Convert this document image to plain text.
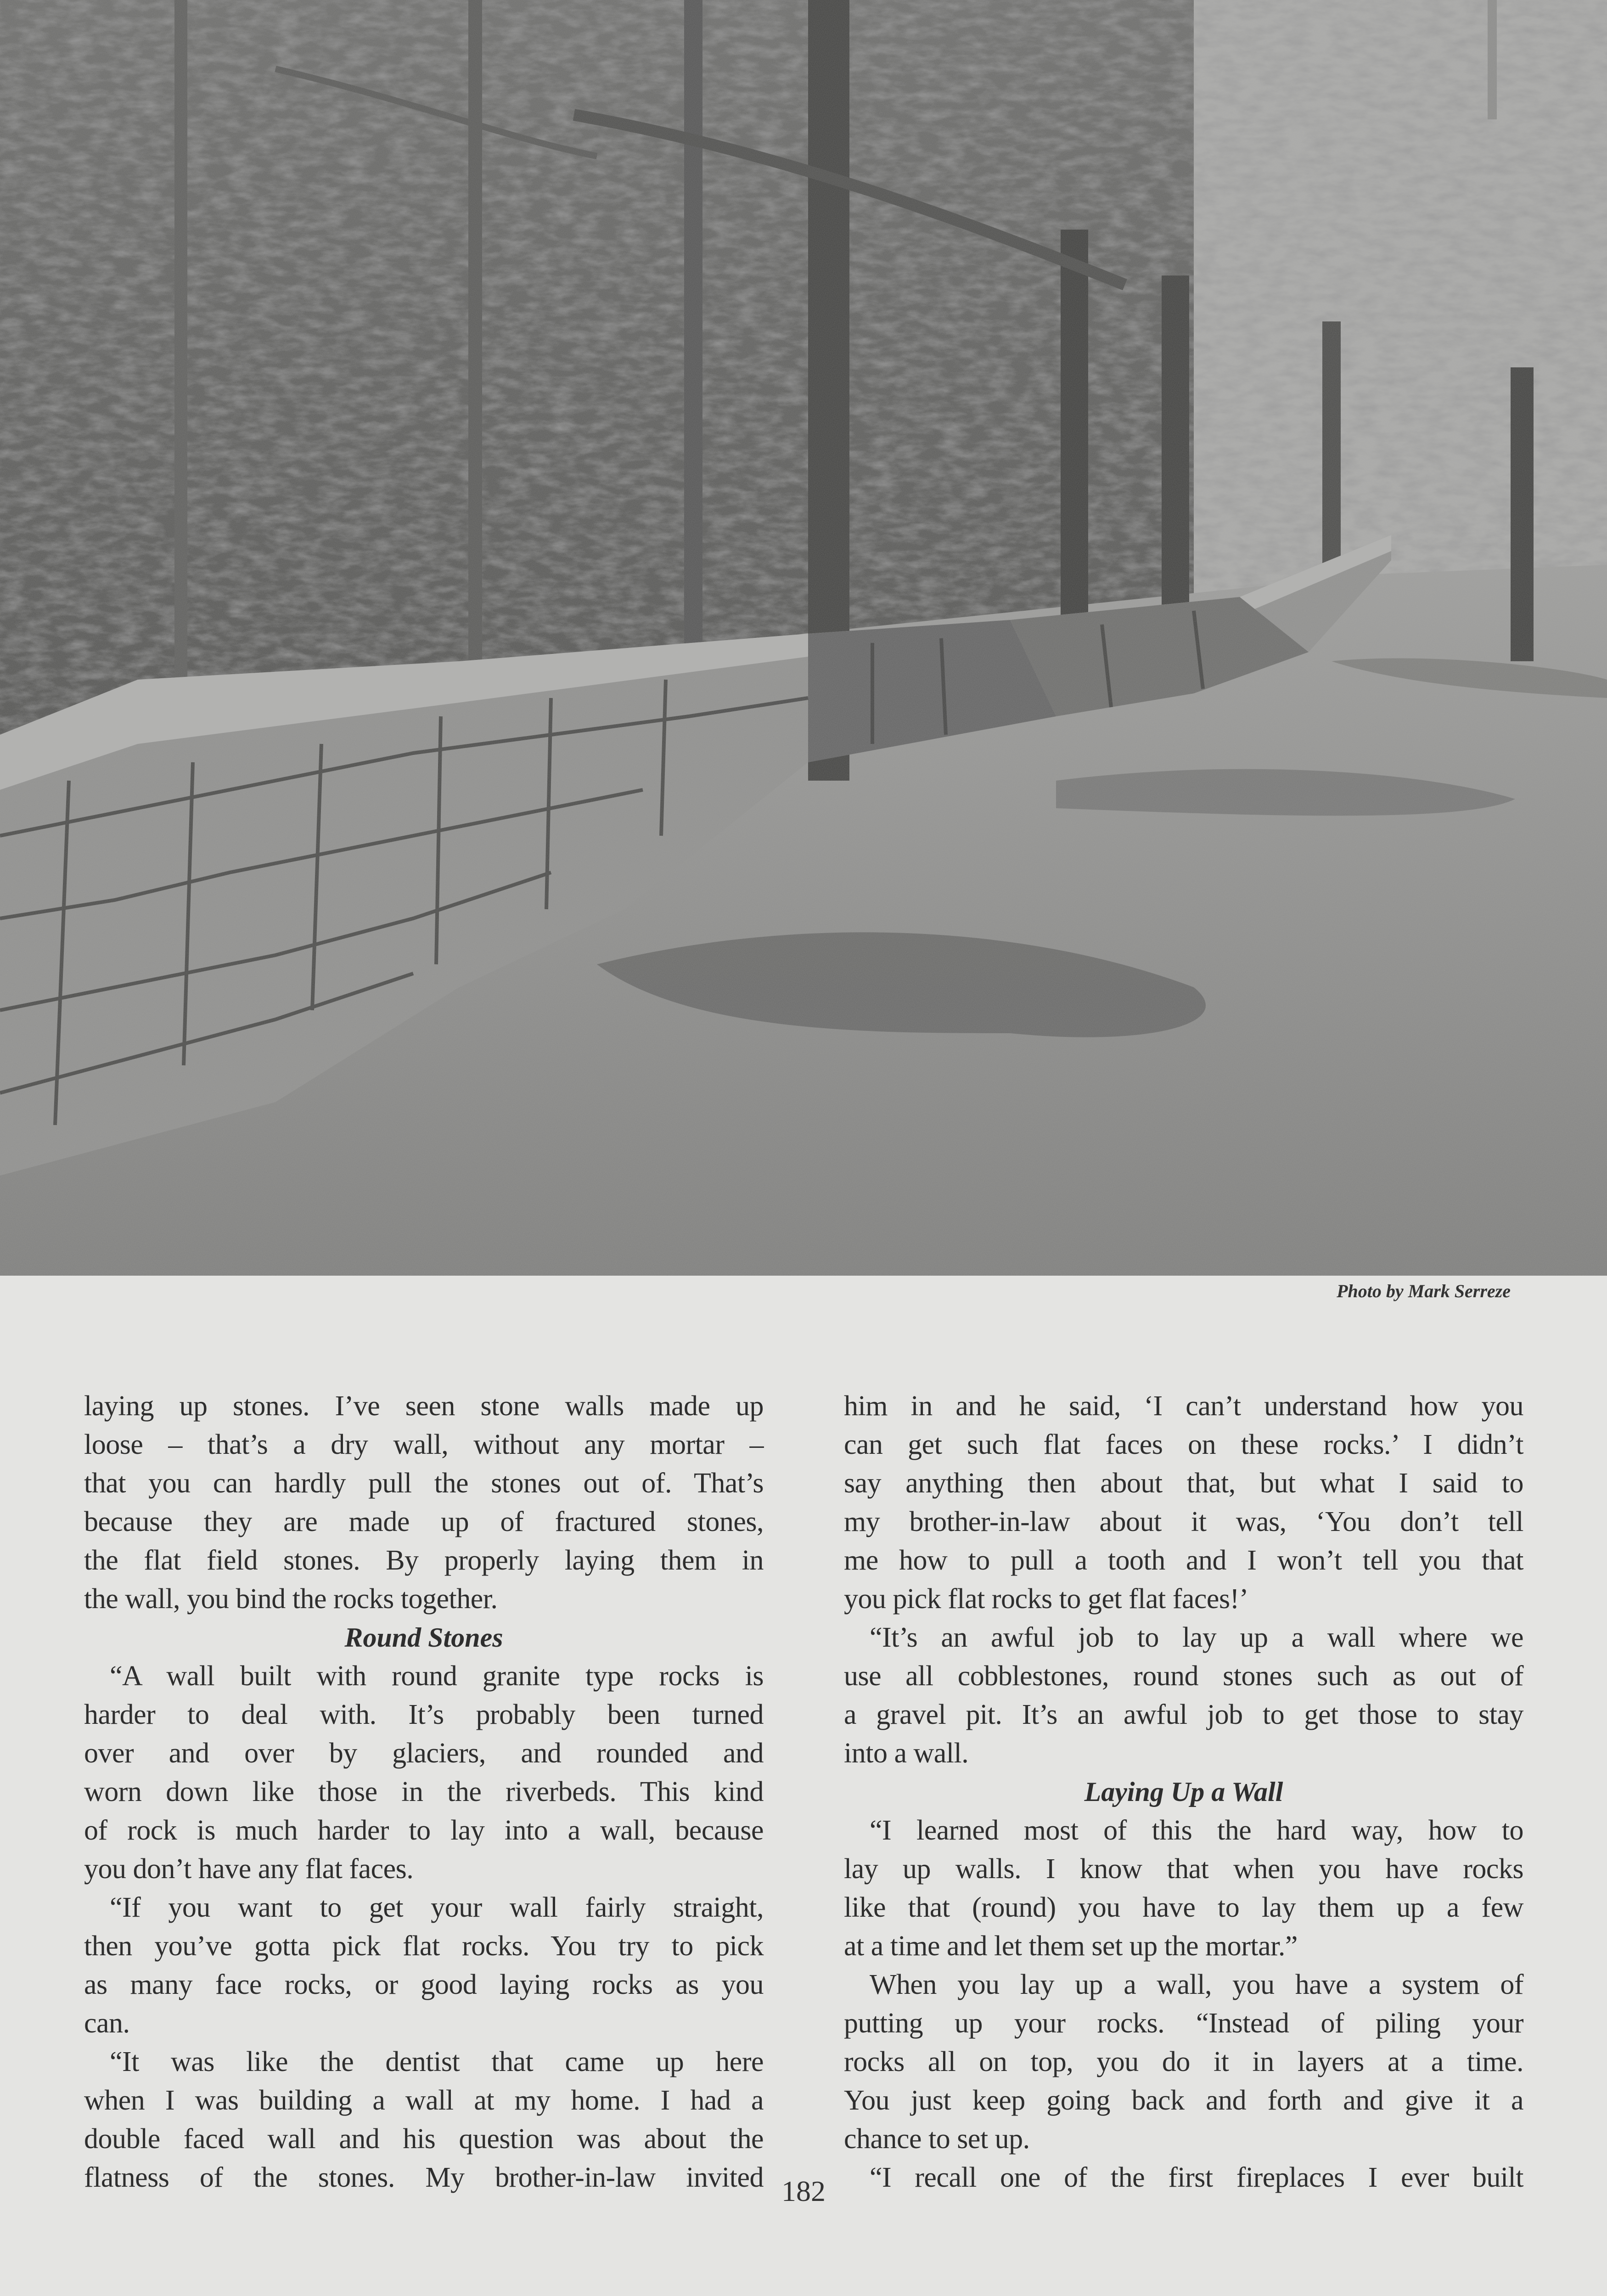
Photo by Mark Serreze
laying up stones. I’ve seen stone walls made up
loose – that’s a dry wall, without any mortar –
that you can hardly pull the stones out of. That’s
because they are made up of fractured stones,
the flat field stones. By properly laying them in
the wall, you bind the rocks together.
Round Stones
“A wall built with round granite type rocks is
harder to deal with. It’s probably been turned
over and over by glaciers, and rounded and
worn down like those in the riverbeds. This kind
of rock is much harder to lay into a wall, because
you don’t have any flat faces.
“If you want to get your wall fairly straight,
then you’ve gotta pick flat rocks. You try to pick
as many face rocks, or good laying rocks as you
can.
“It was like the dentist that came up here
when I was building a wall at my home. I had a
double faced wall and his question was about the
flatness of the stones. My brother-in-law invited
him in and he said, ‘I can’t understand how you
can get such flat faces on these rocks.’ I didn’t
say anything then about that, but what I said to
my brother-in-law about it was, ‘You don’t tell
me how to pull a tooth and I won’t tell you that
you pick flat rocks to get flat faces!’
“It’s an awful job to lay up a wall where we
use all cobblestones, round stones such as out of
a gravel pit. It’s an awful job to get those to stay
into a wall.
Laying Up a Wall
“I learned most of this the hard way, how to
lay up walls. I know that when you have rocks
like that (round) you have to lay them up a few
at a time and let them set up the mortar.”
When you lay up a wall, you have a system of
putting up your rocks. “Instead of piling your
rocks all on top, you do it in layers at a time.
You just keep going back and forth and give it a
chance to set up.
“I recall one of the first fireplaces I ever built
182
